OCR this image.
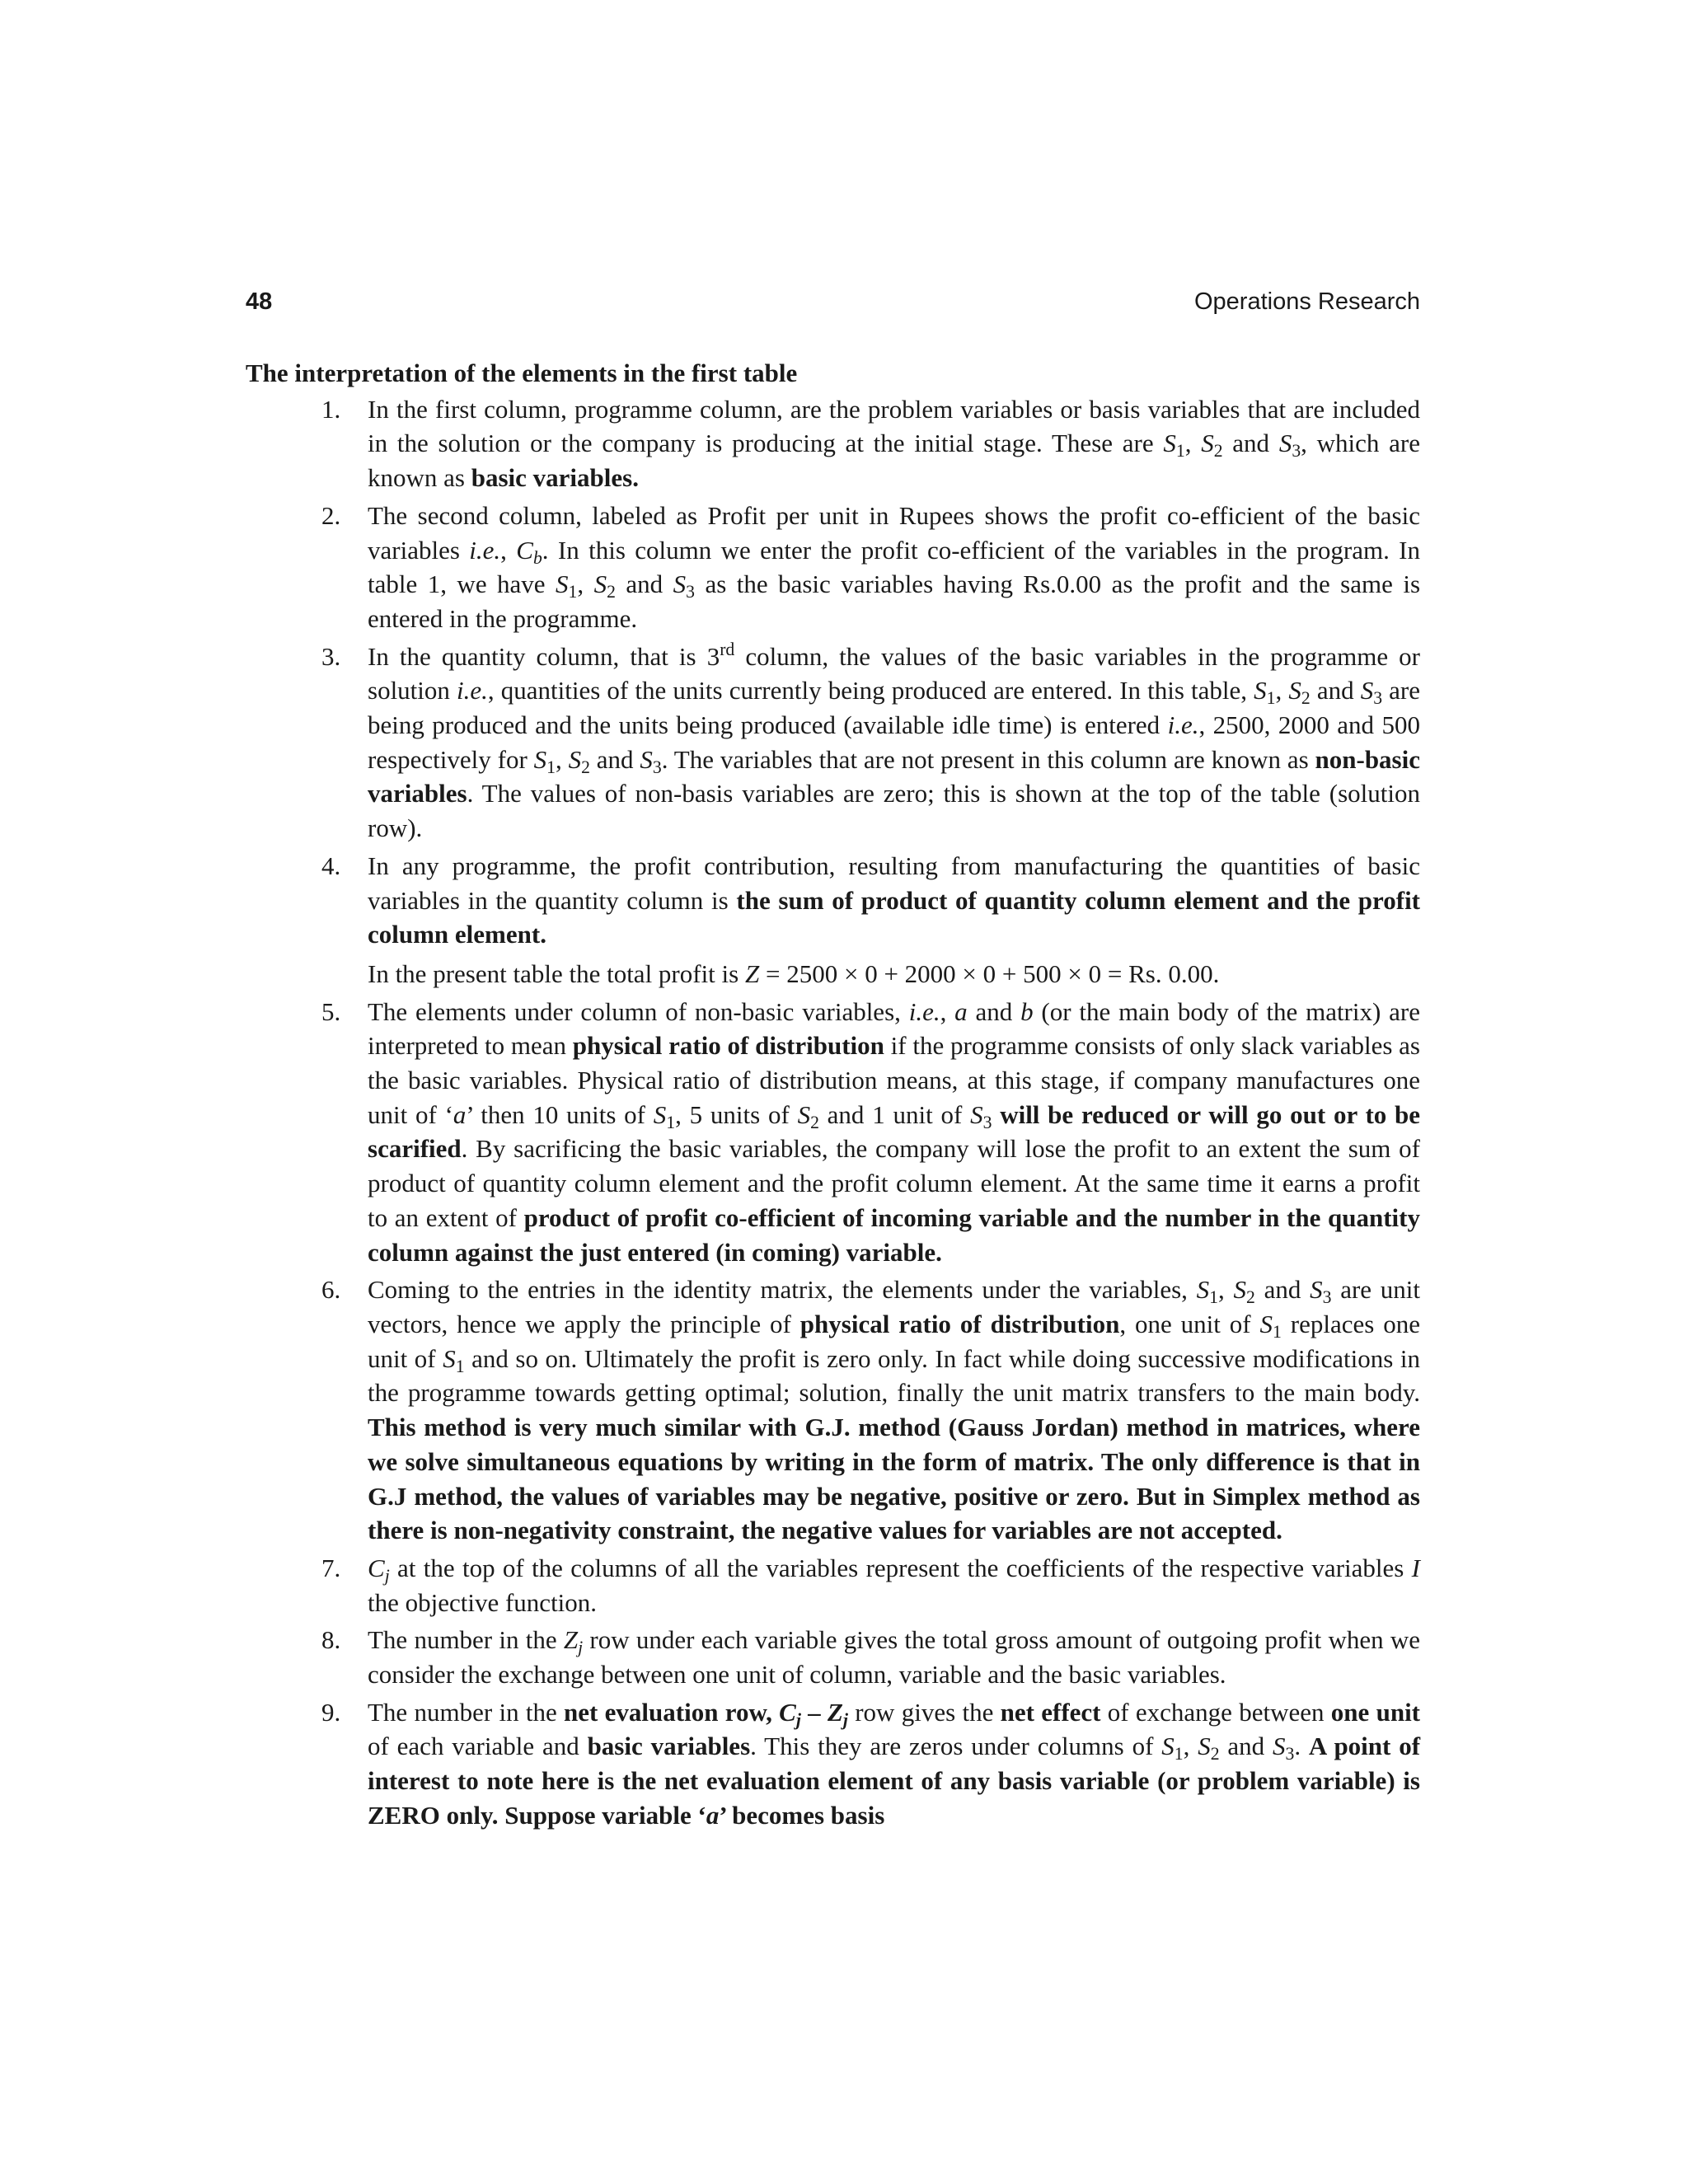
48	Operations Research
The interpretation of the elements in the first table
1. In the first column, programme column, are the problem variables or basis variables that are included in the solution or the company is producing at the initial stage. These are $S_1$, $S_2$ and $S_3$, which are known as basic variables.

2. The second column, labeled as Profit per unit in Rupees shows the profit co-efficient of the basic variables i.e., $C_b$. In this column we enter the profit co-efficient of the variables in the program. In table 1, we have $S_1$, $S_2$ and $S_3$ as the basic variables having Rs.0.00 as the profit and the same is entered in the programme.

3. In the quantity column, that is 3rd column, the values of the basic variables in the programme or solution i.e., quantities of the units currently being produced are entered. In this table, $S_1$, $S_2$ and $S_3$ are being produced and the units being produced (available idle time) is entered i.e., 2500, 2000 and 500 respectively for $S_1$, $S_2$ and $S_3$. The variables that are not present in this column are known as non-basic variables. The values of non-basis variables are zero; this is shown at the top of the table (solution row).

4. In any programme, the profit contribution, resulting from manufacturing the quantities of basic variables in the quantity column is the sum of product of quantity column element and the profit column element.

In the present table the total profit is Z = 2500 × 0 + 2000 × 0 + 500 × 0 = Rs. 0.00.

5. The elements under column of non-basic variables, i.e., a and b (or the main body of the matrix) are interpreted to mean physical ratio of distribution if the programme consists of only slack variables as the basic variables. Physical ratio of distribution means, at this stage, if company manufactures one unit of ‘a’ then 10 units of $S_1$, 5 units of $S_2$ and 1 unit of $S_3$ will be reduced or will go out or to be scarified. By sacrificing the basic variables, the company will lose the profit to an extent the sum of product of quantity column element and the profit column element. At the same time it earns a profit to an extent of product of profit co-efficient of incoming variable and the number in the quantity column against the just entered (in coming) variable.

6. Coming to the entries in the identity matrix, the elements under the variables, $S_1$, $S_2$ and $S_3$ are unit vectors, hence we apply the principle of physical ratio of distribution, one unit of $S_1$ replaces one unit of $S_1$ and so on. Ultimately the profit is zero only. In fact while doing successive modifications in the programme towards getting optimal; solution, finally the unit matrix transfers to the main body. This method is very much similar with G.J. method (Gauss Jordan) method in matrices, where we solve simultaneous equations by writing in the form of matrix. The only difference is that in G.J method, the values of variables may be negative, positive or zero. But in Simplex method as there is non-negativity constraint, the negative values for variables are not accepted.

7. $C_j$ at the top of the columns of all the variables represent the coefficients of the respective variables I the objective function.

8. The number in the $Z_j$ row under each variable gives the total gross amount of outgoing profit when we consider the exchange between one unit of column, variable and the basic variables.

9. The number in the net evaluation row, $C_j - Z_j$ row gives the net effect of exchange between one unit of each variable and basic variables. This they are zeros under columns of $S_1$, $S_2$ and $S_3$. A point of interest to note here is the net evaluation element of any basis variable (or problem variable) is ZERO only. Suppose variable ‘a’ becomes basis
